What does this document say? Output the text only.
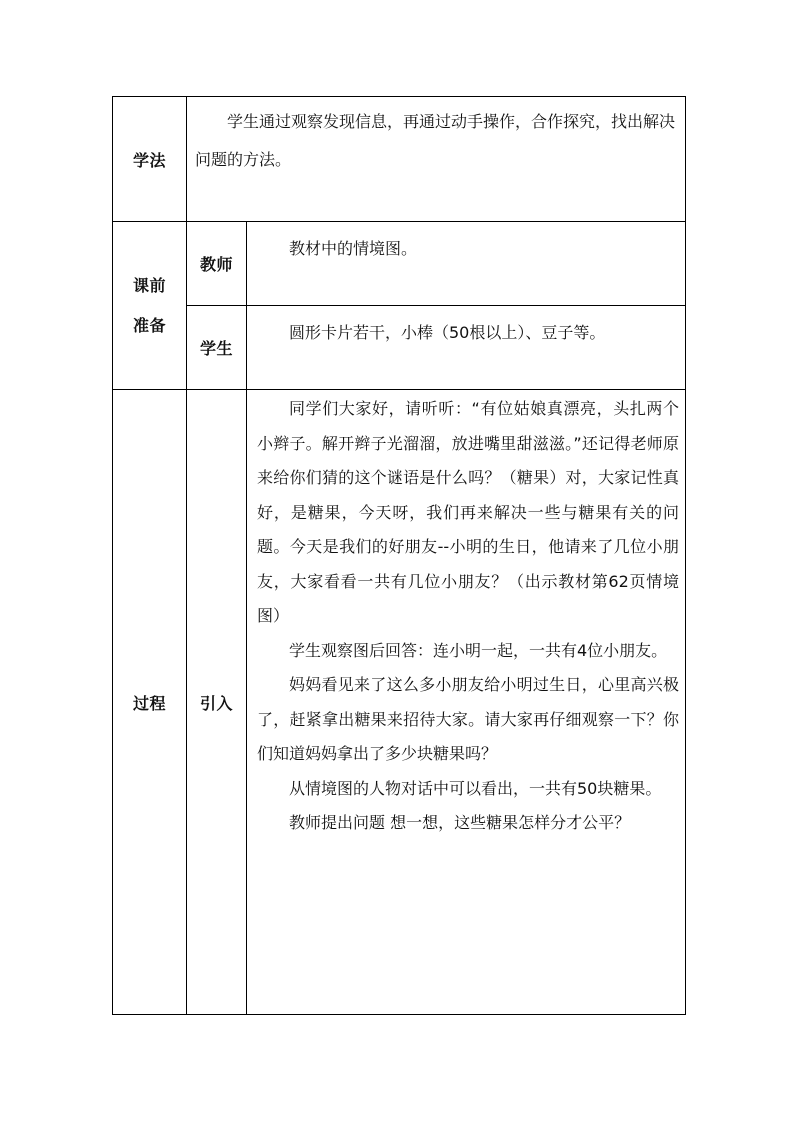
学法	学生通过观察发现信息，再通过动手操作，合作探究，找出解决问题的方法。	

课前准备	教师	教材中的情境图。

	学生	圆形卡片若干，小棒（50根以上）、豆子等。

过程	引入	同学们大家好，请听听：“有位姑娘真漂亮，头扎两个小辫子。解开辫子光溜溜，放进嘴里甜滋滋。”还记得老师原来给你们猜的这个谜语是什么吗？（糖果）对，大家记性真好，是糖果，今天呀，我们再来解决一些与糖果有关的问题。今天是我们的好朋友--小明的生日，他请来了几位小朋友，大家看看一共有几位小朋友？（出示教材第62页情境图）

学生观察图后回答：连小明一起，一共有4位小朋友。

妈妈看见来了这么多小朋友给小明过生日，心里高兴极了，赶紧拿出糖果来招待大家。请大家再仔细观察一下？你们知道妈妈拿出了多少块糖果吗？

从情境图的人物对话中可以看出，一共有50块糖果。

教师提出问题 想一想，这些糖果怎样分才公平？
